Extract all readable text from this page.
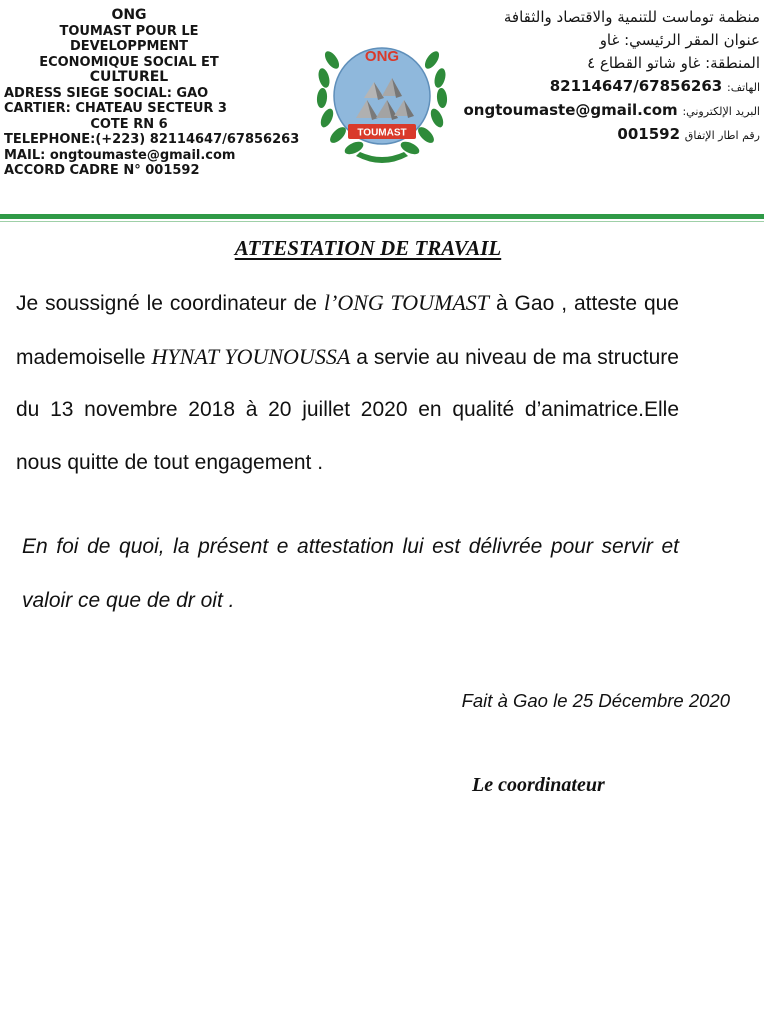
ONG
TOUMAST POUR LE DEVELOPPMENT
ECONOMIQUE SOCIAL ET
CULTUREL
ADRESS SIEGE SOCIAL: GAO
CARTIER: CHATEAU SECTEUR 3
COTE RN 6
TELEPHONE:(+223) 82114647/67856263
MAIL: ongtoumaste@gmail.com
ACCORD CADRE N° 001592
ONG
TOUMAST
منظمة توماست للتنمية والاقتصاد والثقافة
عنوان المقر الرئيسي: غاو
المنطقة: غاو شاتو القطاع ٤
الهاتف: 82114647/67856263
البريد الإلكتروني: ongtoumaste@gmail.com
رقم اطار الإتفاق 001592
ATTESTATION DE TRAVAIL
Je soussigné le coordinateur de l’ONG TOUMAST à Gao , atteste que mademoiselle HYNAT YOUNOUSSA a servie au niveau de ma structure du 13 novembre 2018 à 20 juillet 2020 en qualité d’animatrice.Elle nous quitte de tout engagement .
En foi de quoi, la présent e attestation lui est délivrée pour servir et valoir ce que de dr oit .
Fait à Gao le 25 Décembre 2020
Le coordinateur
